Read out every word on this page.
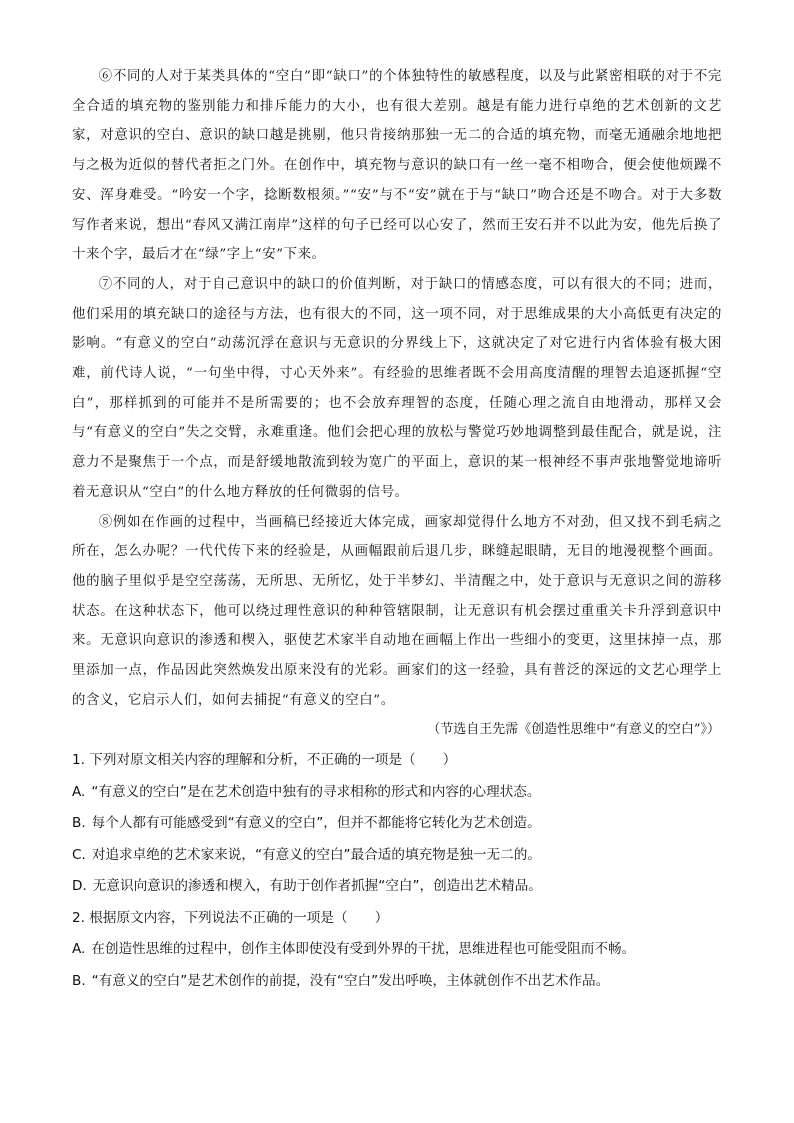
⑥不同的人对于某类具体的“空白”即“缺口”的个体独特性的敏感程度，以及与此紧密相联的对于不完全合适的填充物的鉴别能力和排斥能力的大小，也有很大差别。越是有能力进行卓绝的艺术创新的文艺家，对意识的空白、意识的缺口越是挑剔，他只肯接纳那独一无二的合适的填充物，而毫无通融余地地把与之极为近似的替代者拒之门外。在创作中，填充物与意识的缺口有一丝一毫不相吻合，便会使他烦躁不安、浑身难受。“吟安一个字，捻断数根须。”“安”与不“安”就在于与“缺口”吻合还是不吻合。对于大多数写作者来说，想出“春风又满江南岸”这样的句子已经可以心安了，然而王安石并不以此为安，他先后换了十来个字，最后才在“绿”字上“安”下来。

⑦不同的人，对于自己意识中的缺口的价值判断，对于缺口的情感态度，可以有很大的不同；进而，他们采用的填充缺口的途径与方法，也有很大的不同，这一项不同，对于思维成果的大小高低更有决定的影响。“有意义的空白”动荡沉浮在意识与无意识的分界线上下，这就决定了对它进行内省体验有极大困难，前代诗人说，“一句坐中得，寸心天外来”。有经验的思维者既不会用高度清醒的理智去追逐抓握“空白”，那样抓到的可能并不是所需要的；也不会放弃理智的态度，任随心理之流自由地滑动，那样又会与“有意义的空白”失之交臂，永难重逢。他们会把心理的放松与警觉巧妙地调整到最佳配合，就是说，注意力不是聚焦于一个点，而是舒缓地散流到较为宽广的平面上，意识的某一根神经不事声张地警觉地谛听着无意识从“空白”的什么地方释放的任何微弱的信号。

⑧例如在作画的过程中，当画稿已经接近大体完成，画家却觉得什么地方不对劲，但又找不到毛病之所在，怎么办呢？一代代传下来的经验是，从画幅跟前后退几步，眯缝起眼睛，无目的地漫视整个画面。他的脑子里似乎是空空荡荡，无所思、无所忆，处于半梦幻、半清醒之中，处于意识与无意识之间的游移状态。在这种状态下，他可以绕过理性意识的种种管辖限制，让无意识有机会摆过重重关卡升浮到意识中来。无意识向意识的渗透和楔入，驱使艺术家半自动地在画幅上作出一些细小的变更，这里抹掉一点，那里添加一点，作品因此突然焕发出原来没有的光彩。画家们的这一经验，具有普泛的深远的文艺心理学上的含义，它启示人们，如何去捕捉“有意义的空白”。

（节选自王先霈《创造性思维中“有意义的空白”》）

1. 下列对原文相关内容的理解和分析，不正确的一项是（　　）

A. “有意义的空白”是在艺术创造中独有的寻求相称的形式和内容的心理状态。

B. 每个人都有可能感受到“有意义的空白”，但并不都能将它转化为艺术创造。

C. 对追求卓绝的艺术家来说，“有意义的空白”最合适的填充物是独一无二的。

D. 无意识向意识的渗透和楔入，有助于创作者抓握“空白”，创造出艺术精品。

2. 根据原文内容，下列说法不正确的一项是（　　）

A. 在创造性思维的过程中，创作主体即使没有受到外界的干扰，思维进程也可能受阻而不畅。

B. “有意义的空白”是艺术创作的前提，没有“空白”发出呼唤，主体就创作不出艺术作品。
